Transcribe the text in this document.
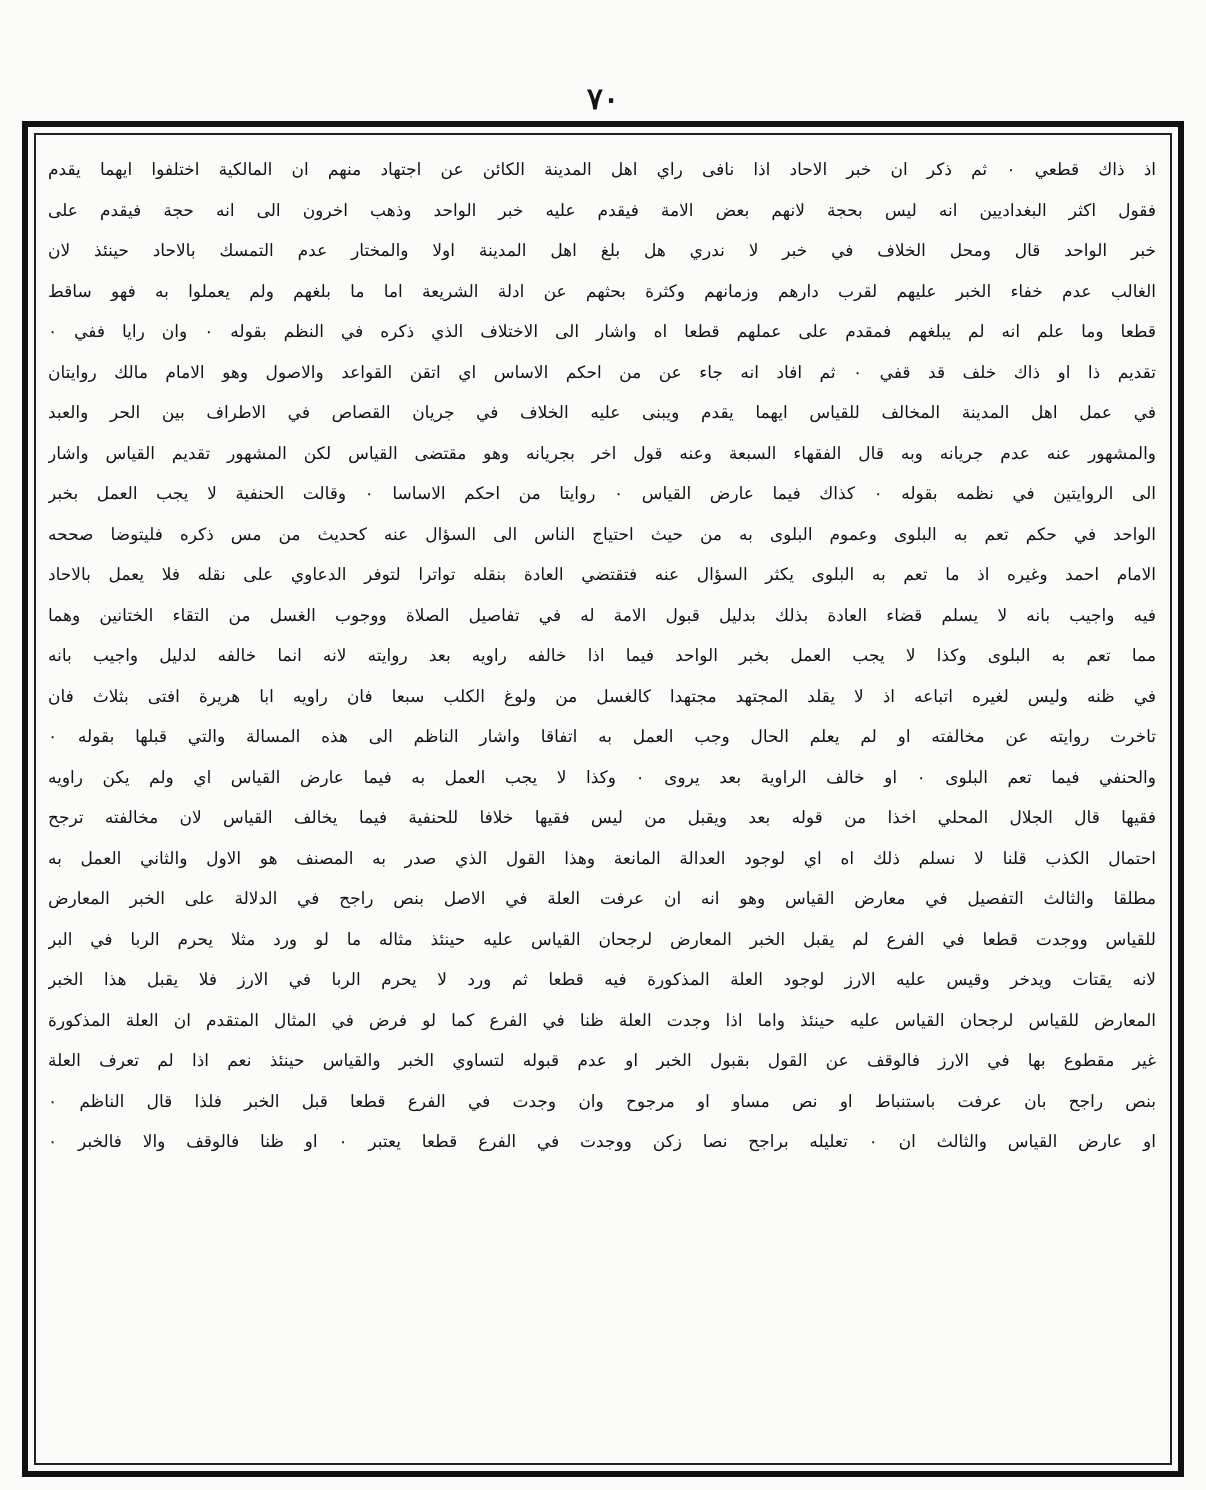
٧٠
اذ ذاك قطعي ٠ ثم ذكر ان خبر الاحاد اذا نافى راي اهل المدينة الكائن عن اجتهاد منهم ان المالكية اختلفوا ايهما يقدم
فقول اكثر البغداديين انه ليس بحجة لانهم بعض الامة فيقدم عليه خبر الواحد وذهب اخرون الى انه حجة فيقدم على
خبر الواحد قال ومحل الخلاف في خبر لا ندري هل بلغ اهل المدينة اولا والمختار عدم التمسك بالاحاد حينئذ لان
الغالب عدم خفاء الخبر عليهم لقرب دارهم وزمانهم وكثرة بحثهم عن ادلة الشريعة اما ما بلغهم ولم يعملوا به فهو ساقط
قطعا وما علم انه لم يبلغهم فمقدم على عملهم قطعا اه واشار الى الاختلاف الذي ذكره في النظم بقوله ٠ وان رايا ففي ٠
تقديم ذا او ذاك خلف قد قفي ٠ ثم افاد انه جاء عن من احكم الاساس اي اتقن القواعد والاصول وهو الامام مالك روايتان
في عمل اهل المدينة المخالف للقياس ايهما يقدم ويبنى عليه الخلاف في جريان القصاص في الاطراف بين الحر والعبد
والمشهور عنه عدم جريانه وبه قال الفقهاء السبعة وعنه قول اخر بجريانه وهو مقتضى القياس لكن المشهور تقديم القياس واشار
الى الروايتين في نظمه بقوله ٠ كذاك فيما عارض القياس ٠ روايتا من احكم الاساسا ٠ وقالت الحنفية لا يجب العمل بخبر
الواحد في حكم تعم به البلوى وعموم البلوى به من حيث احتياج الناس الى السؤال عنه كحديث من مس ذكره فليتوضا صححه
الامام احمد وغيره اذ ما تعم به البلوى يكثر السؤال عنه فتقتضي العادة بنقله تواترا لتوفر الدعاوي على نقله فلا يعمل بالاحاد
فيه واجيب بانه لا يسلم قضاء العادة بذلك بدليل قبول الامة له في تفاصيل الصلاة ووجوب الغسل من التقاء الختانين وهما
مما تعم به البلوى وكذا لا يجب العمل بخبر الواحد فيما اذا خالفه راويه بعد روايته لانه انما خالفه لدليل واجيب بانه
في ظنه وليس لغيره اتباعه اذ لا يقلد المجتهد مجتهدا كالغسل من ولوغ الكلب سبعا فان راويه ابا هريرة افتى بثلاث فان
تاخرت روايته عن مخالفته او لم يعلم الحال وجب العمل به اتفاقا واشار الناظم الى هذه المسالة والتي قبلها بقوله ٠
والحنفي فيما تعم البلوى ٠ او خالف الراوية بعد يروى ٠ وكذا لا يجب العمل به فيما عارض القياس اي ولم يكن راويه
فقيها قال الجلال المحلي اخذا من قوله بعد ويقبل من ليس فقيها خلافا للحنفية فيما يخالف القياس لان مخالفته ترجح
احتمال الكذب قلنا لا نسلم ذلك اه اي لوجود العدالة المانعة وهذا القول الذي صدر به المصنف هو الاول والثاني العمل به
مطلقا والثالث التفصيل في معارض القياس وهو انه ان عرفت العلة في الاصل بنص راجح في الدلالة على الخبر المعارض
للقياس ووجدت قطعا في الفرع لم يقبل الخبر المعارض لرجحان القياس عليه حينئذ مثاله ما لو ورد مثلا يحرم الربا في البر
لانه يقتات ويدخر وقيس عليه الارز لوجود العلة المذكورة فيه قطعا ثم ورد لا يحرم الربا في الارز فلا يقبل هذا الخبر
المعارض للقياس لرجحان القياس عليه حينئذ واما اذا وجدت العلة ظنا في الفرع كما لو فرض في المثال المتقدم ان العلة المذكورة
غير مقطوع بها في الارز فالوقف عن القول بقبول الخبر او عدم قبوله لتساوي الخبر والقياس حينئذ نعم اذا لم تعرف العلة
بنص راجح بان عرفت باستنباط او نص مساو او مرجوح وان وجدت في الفرع قطعا قبل الخبر فلذا قال الناظم ٠
او عارض القياس والثالث ان ٠ تعليله براجح نصا زكن ووجدت في الفرع قطعا يعتبر ٠ او ظنا فالوقف والا فالخبر ٠
